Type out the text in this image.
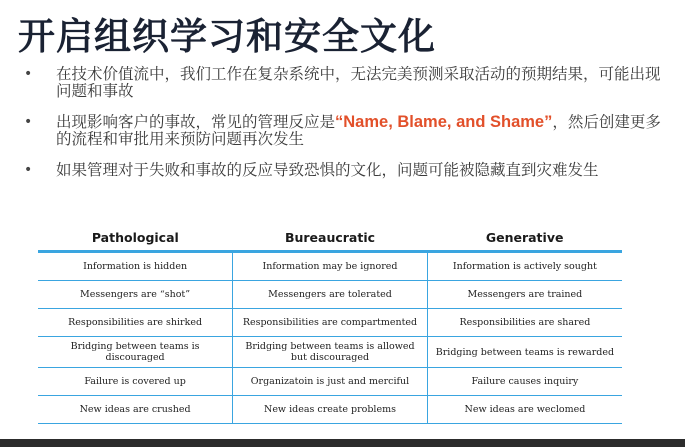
开启组织学习和安全文化
• 在技术价值流中，我们工作在复杂系统中，无法完美预测采取活动的预期结果，可能出现问题和事故
• 出现影响客户的事故，常见的管理反应是“Name, Blame, and Shame”，然后创建更多的流程和审批用来预防问题再次发生
• 如果管理对于失败和事故的反应导致恐惧的文化，问题可能被隐藏直到灾难发生
Pathological	Bureaucratic	Generative
Information is hidden	Information may be ignored	Information is actively sought
Messengers are “shot”	Messengers are tolerated	Messengers are trained
Responsibilities are shirked	Responsibilities are compartmented	Responsibilities are shared
Bridging between teams is discouraged	Bridging between teams is allowed but discouraged	Bridging between teams is rewarded
Failure is covered up	Organizatoin is just and merciful	Failure causes inquiry
New ideas are crushed	New ideas create problems	New ideas are weclomed
